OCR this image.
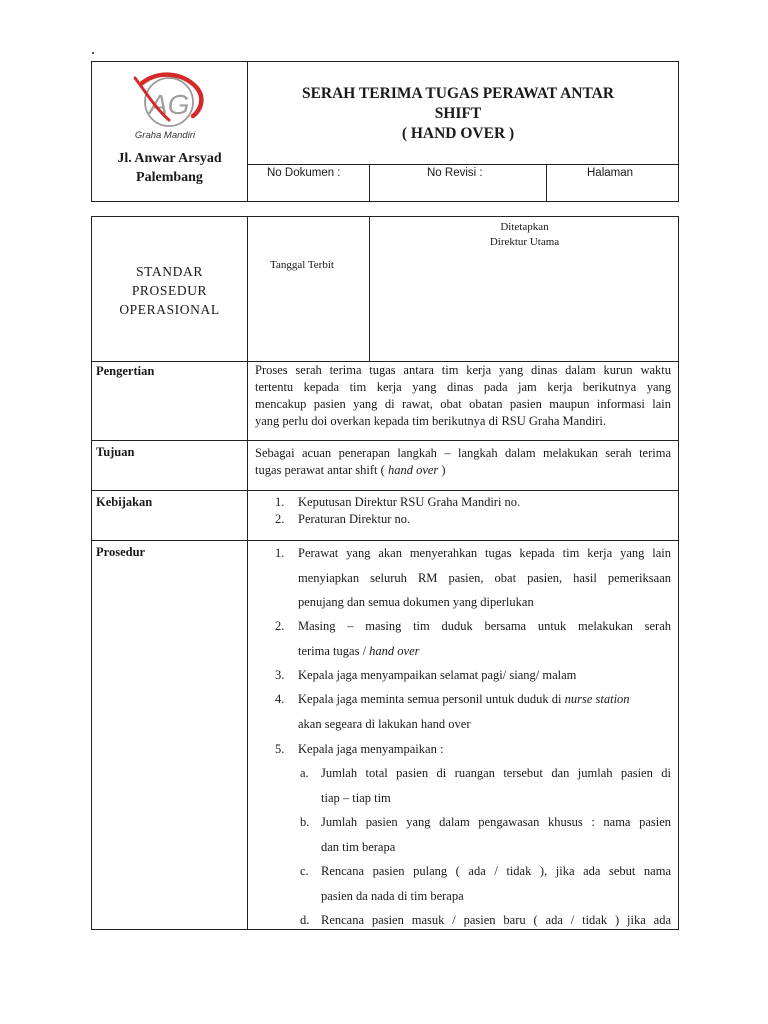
AG
Graha Mandiri
Jl. Anwar Arsyad
Palembang
SERAH TERIMA TUGAS PERAWAT ANTAR
SHIFT
( HAND OVER )
No Dokumen :	No Revisi :	Halaman
STANDAR
PROSEDUR
OPERASIONAL
Tanggal Terbit
Ditetapkan
Direktur Utama
Pengertian	Proses serah terima tugas antara tim kerja yang dinas dalam kurun waktu
tertentu kepada tim kerja yang dinas pada jam kerja berikutnya yang
mencakup pasien yang di rawat, obat obatan pasien maupun informasi lain
yang perlu doi overkan kepada tim berikutnya di RSU Graha Mandiri.
Tujuan	Sebagai acuan penerapan langkah – langkah dalam melakukan serah terima
tugas perawat antar shift ( hand over )
Kebijakan	1. Keputusan Direktur RSU Graha Mandiri no.
2. Peraturan Direktur no.
Prosedur	1. Perawat yang akan menyerahkan tugas kepada tim kerja yang lain
menyiapkan seluruh RM pasien, obat pasien, hasil pemeriksaan
penujang dan semua dokumen yang diperlukan
2. Masing – masing tim duduk bersama untuk melakukan serah
terima tugas / hand over
3. Kepala jaga menyampaikan selamat pagi/ siang/ malam
4. Kepala jaga meminta semua personil untuk duduk di nurse station
akan segeara di lakukan hand over
5. Kepala jaga menyampaikan :
a. Jumlah total pasien di ruangan tersebut dan jumlah pasien di
tiap – tiap tim
b. Jumlah pasien yang dalam pengawasan khusus : nama pasien
dan tim berapa
c. Rencana pasien pulang ( ada / tidak ), jika ada sebut nama
pasien da nada di tim berapa
d. Rencana pasien masuk / pasien baru ( ada / tidak ) jika ada
